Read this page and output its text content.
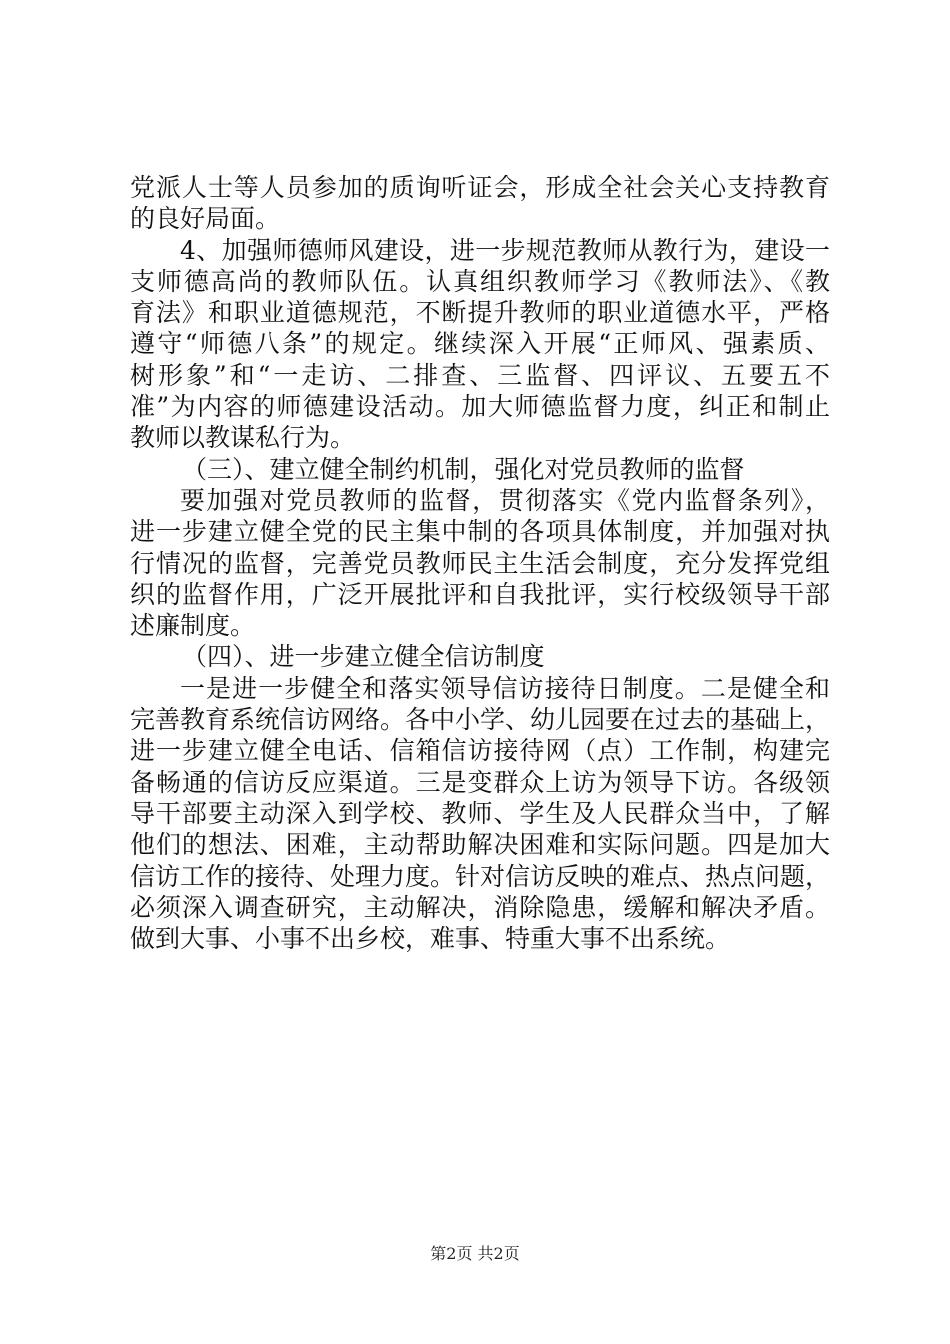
党派人士等人员参加的质询听证会，形成全社会关心支持教育
的良好局面。
4、加强师德师风建设，进一步规范教师从教行为，建设一
支师德高尚的教师队伍。认真组织教师学习《教师法》、《教
育法》和职业道德规范，不断提升教师的职业道德水平，严格
遵守“师德八条”的规定。继续深入开展“正师风、强素质、
树形象”和“一走访、二排查、三监督、四评议、五要五不
准”为内容的师德建设活动。加大师德监督力度，纠正和制止
教师以教谋私行为。
（三）、建立健全制约机制，强化对党员教师的监督
要加强对党员教师的监督，贯彻落实《党内监督条列》，
进一步建立健全党的民主集中制的各项具体制度，并加强对执
行情况的监督，完善党员教师民主生活会制度，充分发挥党组
织的监督作用，广泛开展批评和自我批评，实行校级领导干部
述廉制度。
（四）、进一步建立健全信访制度
一是进一步健全和落实领导信访接待日制度。二是健全和
完善教育系统信访网络。各中小学、幼儿园要在过去的基础上，
进一步建立健全电话、信箱信访接待网（点）工作制，构建完
备畅通的信访反应渠道。三是变群众上访为领导下访。各级领
导干部要主动深入到学校、教师、学生及人民群众当中，了解
他们的想法、困难，主动帮助解决困难和实际问题。四是加大
信访工作的接待、处理力度。针对信访反映的难点、热点问题，
必须深入调查研究，主动解决，消除隐患，缓解和解决矛盾。
做到大事、小事不出乡校，难事、特重大事不出系统。
第2页 共2页
